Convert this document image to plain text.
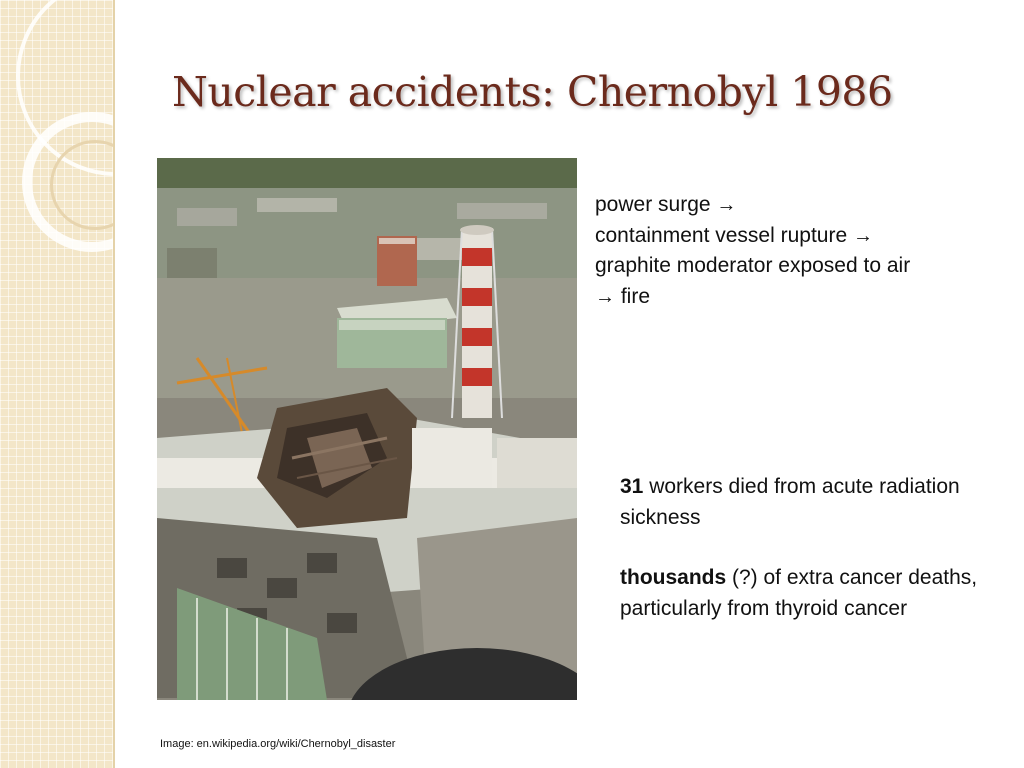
Nuclear accidents: Chernobyl 1986
power surge →
containment vessel rupture →
graphite moderator exposed to air
→ fire

31 workers died from acute radiation sickness

thousands (?) of extra cancer deaths, particularly from thyroid cancer

Image: en.wikipedia.org/wiki/Chernobyl_disaster
